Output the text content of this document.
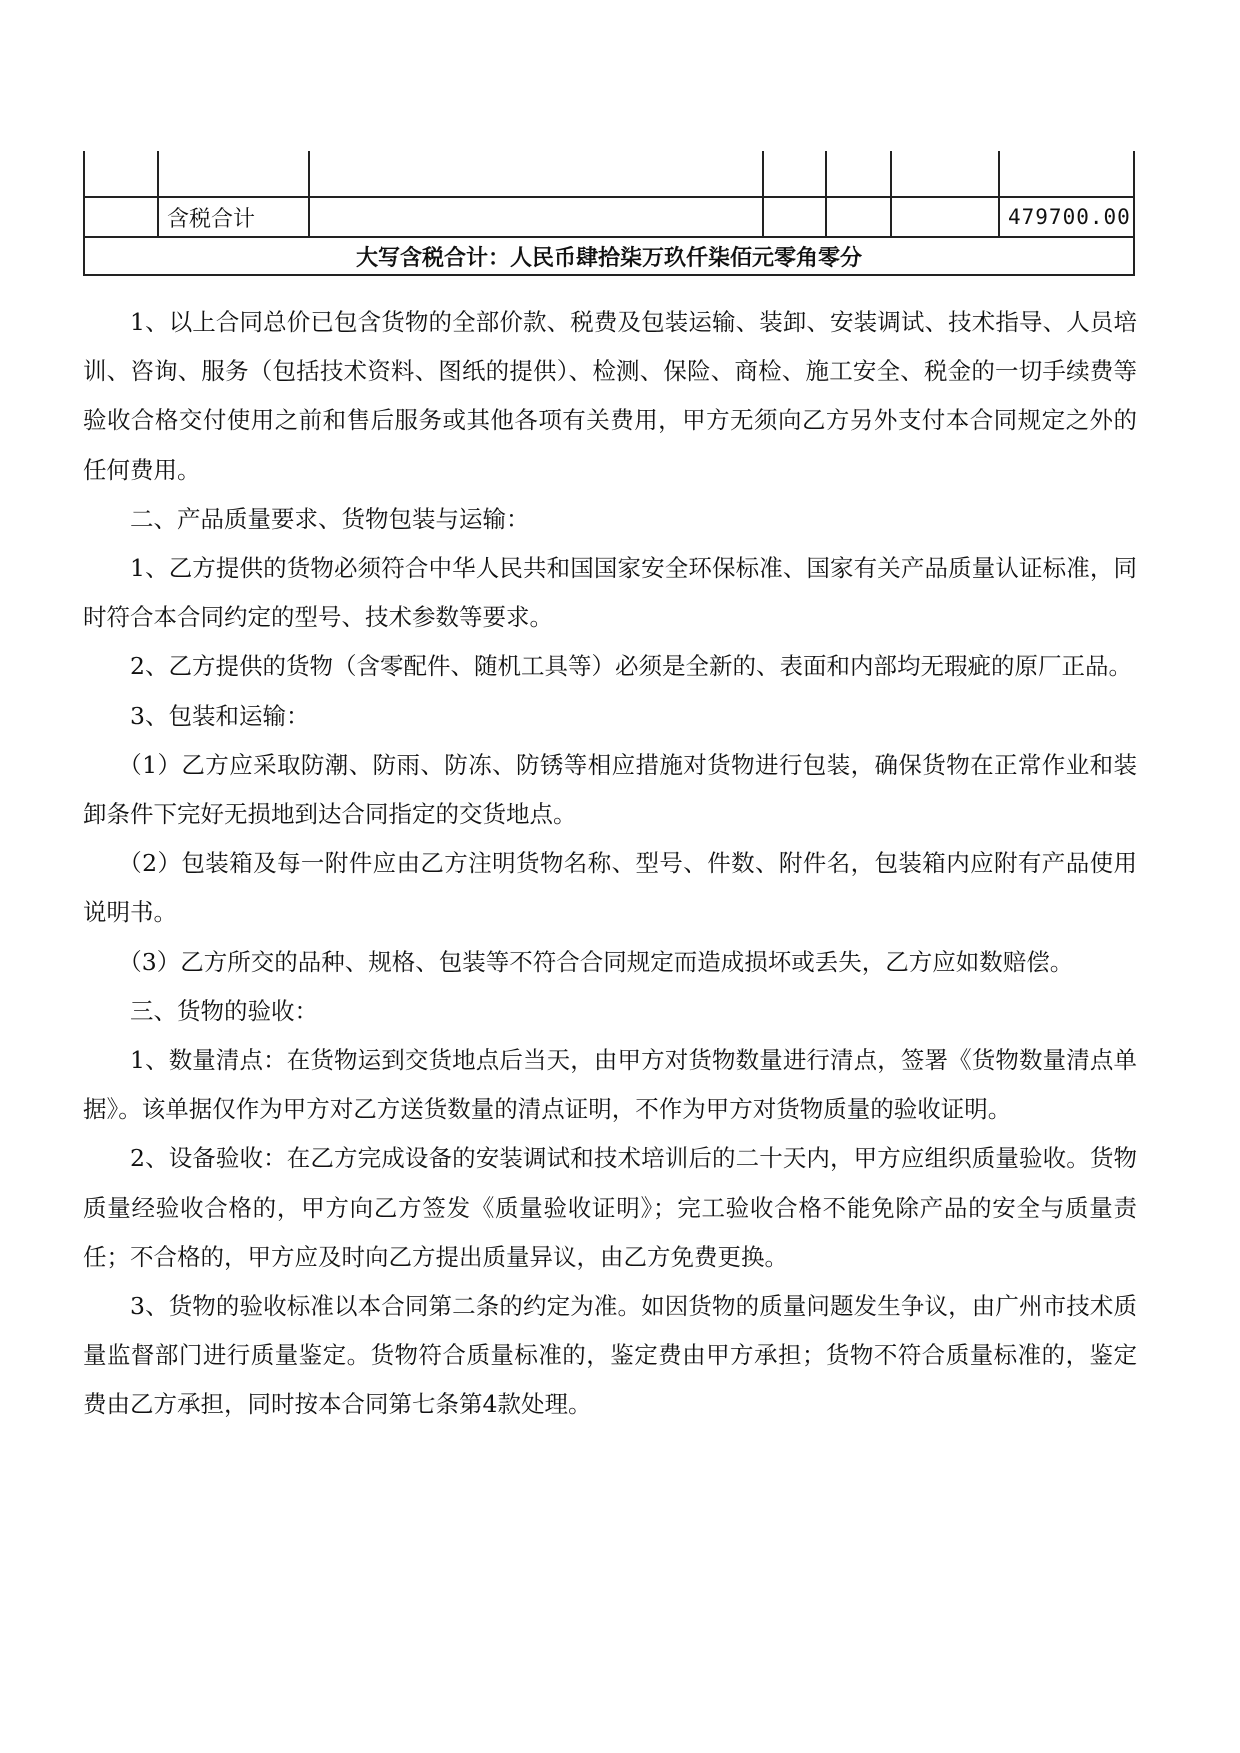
	含税合计					479700.00
大写含税合计：人民币肆拾柒万玖仟柒佰元零角零分						

1、以上合同总价已包含货物的全部价款、税费及包装运输、装卸、安装调试、技术指导、人员培训、咨询、服务（包括技术资料、图纸的提供）、检测、保险、商检、施工安全、税金的一切手续费等验收合格交付使用之前和售后服务或其他各项有关费用，甲方无须向乙方另外支付本合同规定之外的任何费用。

二、产品质量要求、货物包装与运输：

1、乙方提供的货物必须符合中华人民共和国国家安全环保标准、国家有关产品质量认证标准，同时符合本合同约定的型号、技术参数等要求。

2、乙方提供的货物（含零配件、随机工具等）必须是全新的、表面和内部均无瑕疵的原厂正品。

3、包装和运输：

（1）乙方应采取防潮、防雨、防冻、防锈等相应措施对货物进行包装，确保货物在正常作业和装卸条件下完好无损地到达合同指定的交货地点。

（2）包装箱及每一附件应由乙方注明货物名称、型号、件数、附件名，包装箱内应附有产品使用说明书。

（3）乙方所交的品种、规格、包装等不符合合同规定而造成损坏或丢失，乙方应如数赔偿。

三、货物的验收：

1、数量清点：在货物运到交货地点后当天，由甲方对货物数量进行清点，签署《货物数量清点单据》。该单据仅作为甲方对乙方送货数量的清点证明，不作为甲方对货物质量的验收证明。

2、设备验收：在乙方完成设备的安装调试和技术培训后的二十天内，甲方应组织质量验收。货物质量经验收合格的，甲方向乙方签发《质量验收证明》；完工验收合格不能免除产品的安全与质量责任；不合格的，甲方应及时向乙方提出质量异议，由乙方免费更换。

3、货物的验收标准以本合同第二条的约定为准。如因货物的质量问题发生争议，由广州市技术质量监督部门进行质量鉴定。货物符合质量标准的，鉴定费由甲方承担；货物不符合质量标准的，鉴定费由乙方承担，同时按本合同第七条第4款处理。
